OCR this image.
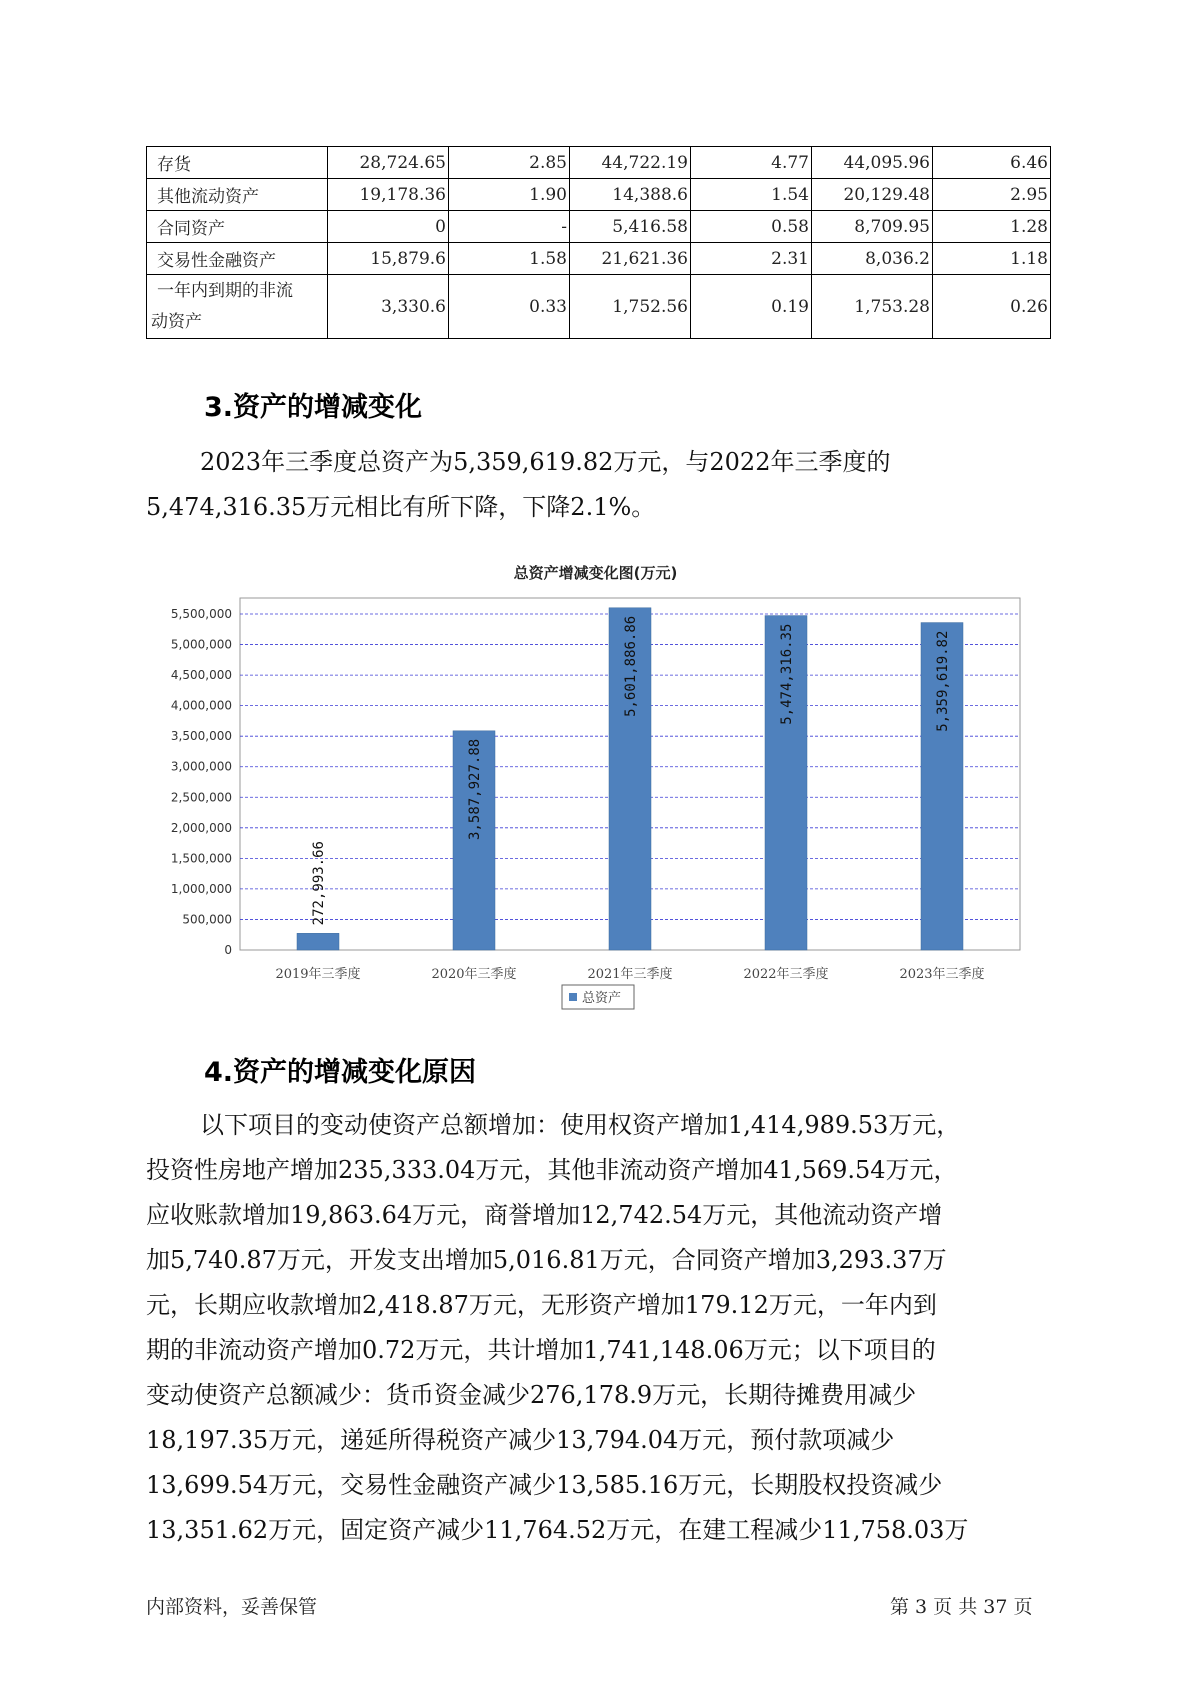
存货	28,724.65	2.85	44,722.19	4.77	44,095.96	6.46
其他流动资产	19,178.36	1.90	14,388.6	1.54	20,129.48	2.95
合同资产	0	-	5,416.58	0.58	8,709.95	1.28
交易性金融资产	15,879.6	1.58	21,621.36	2.31	8,036.2	1.18

一年内到期的非流
动资产	3,330.6	0.33	1,752.56	0.19	1,753.28	0.26
3.资产的增减变化

2023年三季度总资产为5,359,619.82万元，与2022年三季度的

5,474,316.35万元相比有所下降，下降2.1%。

总资产增减变化图(万元)
0
500,000
1,000,000
1,500,000
2,000,000
2,500,000
3,000,000
3,500,000
4,000,000
4,500,000
5,000,000
5,500,000
272,993.66
2019年三季度
3,587,927.88
2020年三季度
5,601,886.86
2021年三季度
5,474,316.35
2022年三季度
5,359,619.82
2023年三季度
总资产
4.资产的增减变化原因

以下项目的变动使资产总额增加：使用权资产增加1,414,989.53万元，

投资性房地产增加235,333.04万元，其他非流动资产增加41,569.54万元，

应收账款增加19,863.64万元，商誉增加12,742.54万元，其他流动资产增

加5,740.87万元，开发支出增加5,016.81万元，合同资产增加3,293.37万

元，长期应收款增加2,418.87万元，无形资产增加179.12万元，一年内到

期的非流动资产增加0.72万元，共计增加1,741,148.06万元；以下项目的

变动使资产总额减少：货币资金减少276,178.9万元，长期待摊费用减少

18,197.35万元，递延所得税资产减少13,794.04万元，预付款项减少

13,699.54万元，交易性金融资产减少13,585.16万元，长期股权投资减少

13,351.62万元，固定资产减少11,764.52万元，在建工程减少11,758.03万

内部资料，妥善保管	第 3 页 共 37 页
